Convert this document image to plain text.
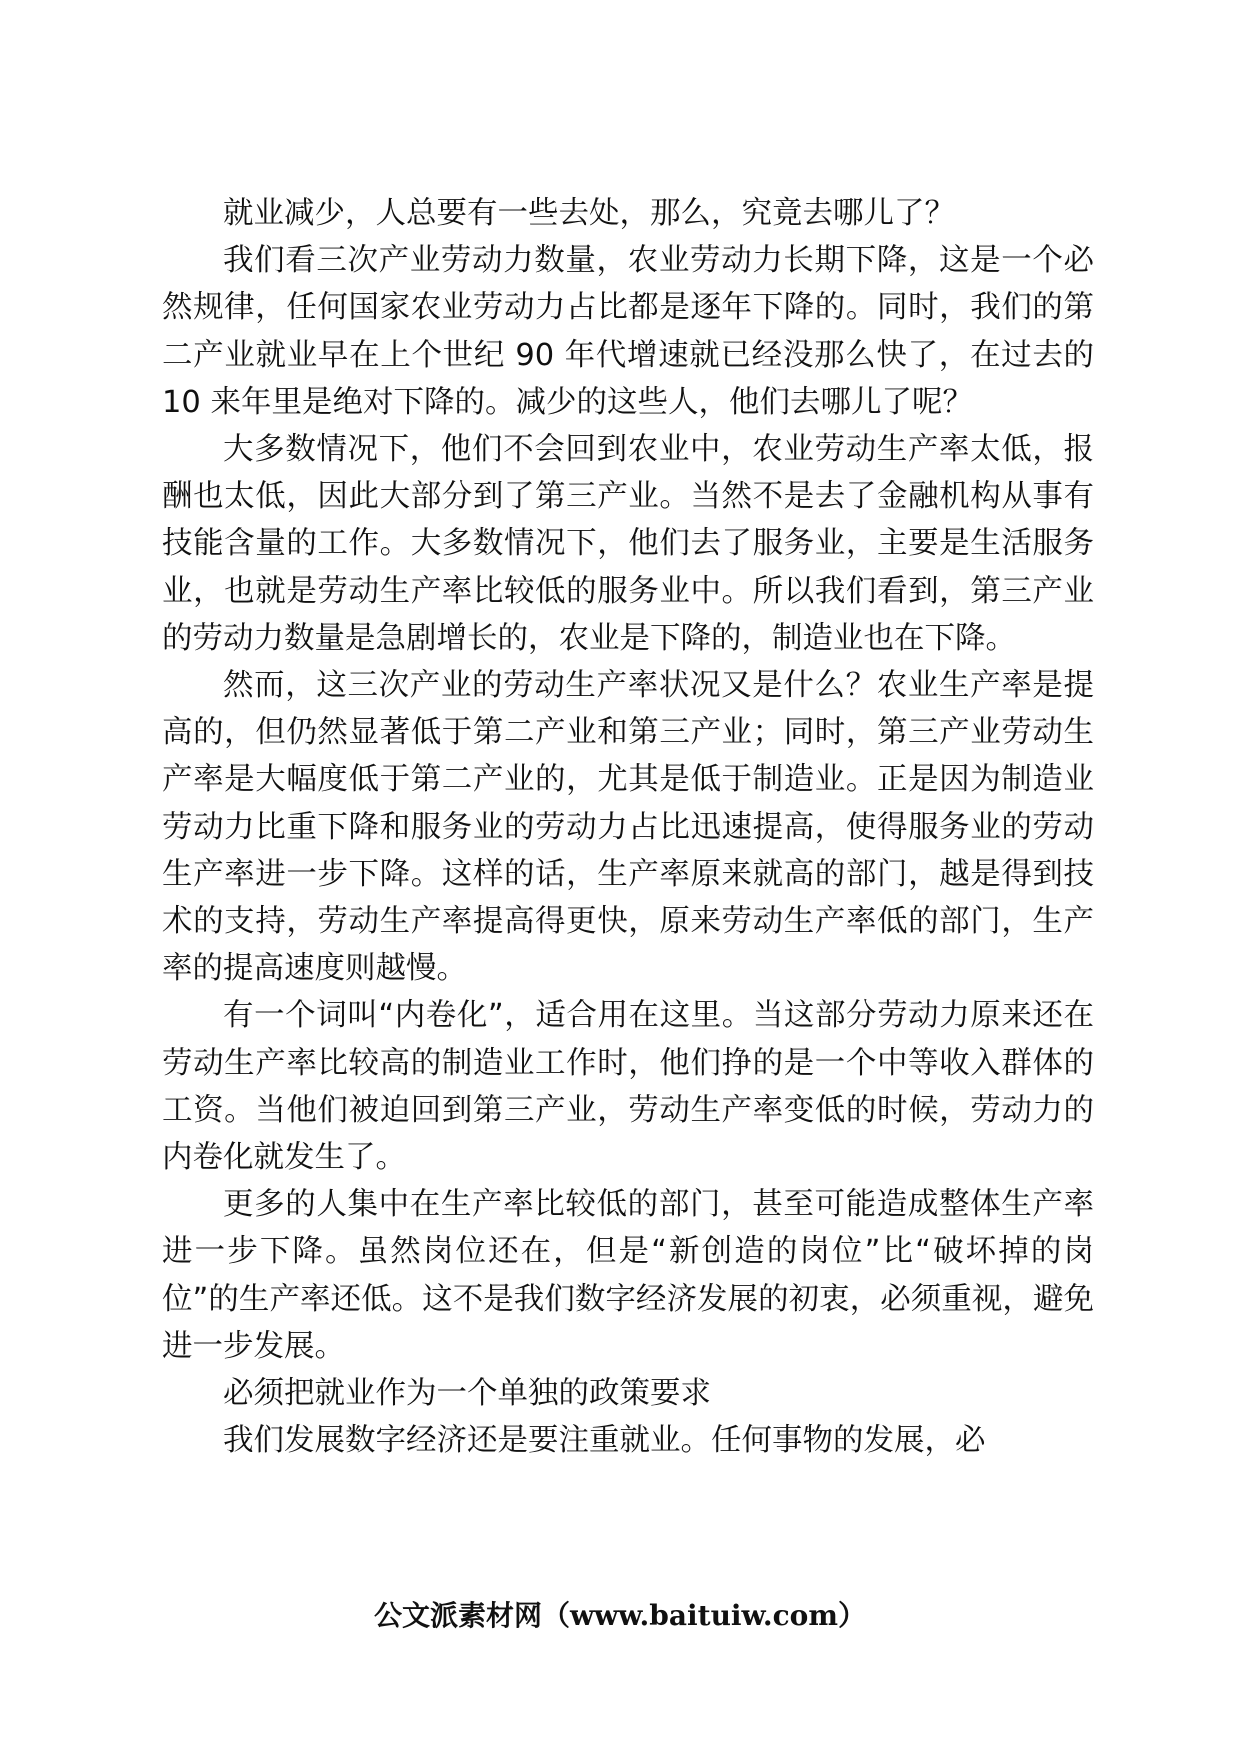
就业减少，人总要有一些去处，那么，究竟去哪儿了？

我们看三次产业劳动力数量，农业劳动力长期下降，这是一个必然规律，任何国家农业劳动力占比都是逐年下降的。同时，我们的第二产业就业早在上个世纪 90 年代增速就已经没那么快了，在过去的 10 来年里是绝对下降的。减少的这些人，他们去哪儿了呢？

大多数情况下，他们不会回到农业中，农业劳动生产率太低，报酬也太低，因此大部分到了第三产业。当然不是去了金融机构从事有技能含量的工作。大多数情况下，他们去了服务业，主要是生活服务业，也就是劳动生产率比较低的服务业中。所以我们看到，第三产业的劳动力数量是急剧增长的，农业是下降的，制造业也在下降。

然而，这三次产业的劳动生产率状况又是什么？农业生产率是提高的，但仍然显著低于第二产业和第三产业；同时，第三产业劳动生产率是大幅度低于第二产业的，尤其是低于制造业。正是因为制造业劳动力比重下降和服务业的劳动力占比迅速提高，使得服务业的劳动生产率进一步下降。这样的话，生产率原来就高的部门，越是得到技术的支持，劳动生产率提高得更快，原来劳动生产率低的部门，生产率的提高速度则越慢。

有一个词叫“内卷化”，适合用在这里。当这部分劳动力原来还在劳动生产率比较高的制造业工作时，他们挣的是一个中等收入群体的工资。当他们被迫回到第三产业，劳动生产率变低的时候，劳动力的内卷化就发生了。

更多的人集中在生产率比较低的部门，甚至可能造成整体生产率进一步下降。虽然岗位还在，但是“新创造的岗位”比“破坏掉的岗位”的生产率还低。这不是我们数字经济发展的初衷，必须重视，避免进一步发展。

必须把就业作为一个单独的政策要求

我们发展数字经济还是要注重就业。任何事物的发展，必

公文派素材网（www.baituiw.com）
